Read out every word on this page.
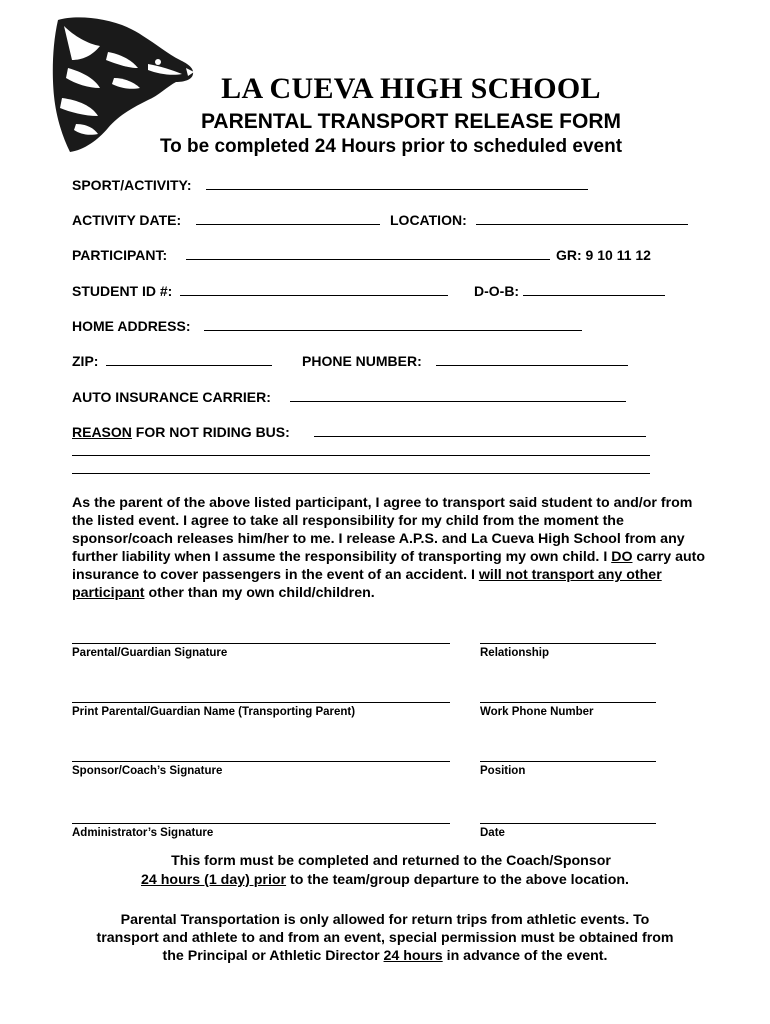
LA CUEVA HIGH SCHOOL
PARENTAL TRANSPORT RELEASE FORM
To be completed 24 Hours prior to scheduled event
SPORT/ACTIVITY:
ACTIVITY DATE:	LOCATION:
PARTICIPANT:	GR: 9 10 11 12
STUDENT ID #:	D-O-B:
HOME ADDRESS:
ZIP:	PHONE NUMBER:
AUTO INSURANCE CARRIER:
REASON FOR NOT RIDING BUS:
As the parent of the above listed participant, I agree to transport said student to and/or from the listed event. I agree to take all responsibility for my child from the moment the sponsor/coach releases him/her to me. I release A.P.S. and La Cueva High School from any further liability when I assume the responsibility of transporting my own child. I DO carry auto insurance to cover passengers in the event of an accident. I will not transport any other participant other than my own child/children.
Parental/Guardian Signature	Relationship
Print Parental/Guardian Name (Transporting Parent)	Work Phone Number
Sponsor/Coach’s Signature	Position
Administrator’s Signature	Date
This form must be completed and returned to the Coach/Sponsor
24 hours (1 day) prior to the team/group departure to the above location.
Parental Transportation is only allowed for return trips from athletic events. To
transport and athlete to and from an event, special permission must be obtained from
the Principal or Athletic Director 24 hours in advance of the event.
